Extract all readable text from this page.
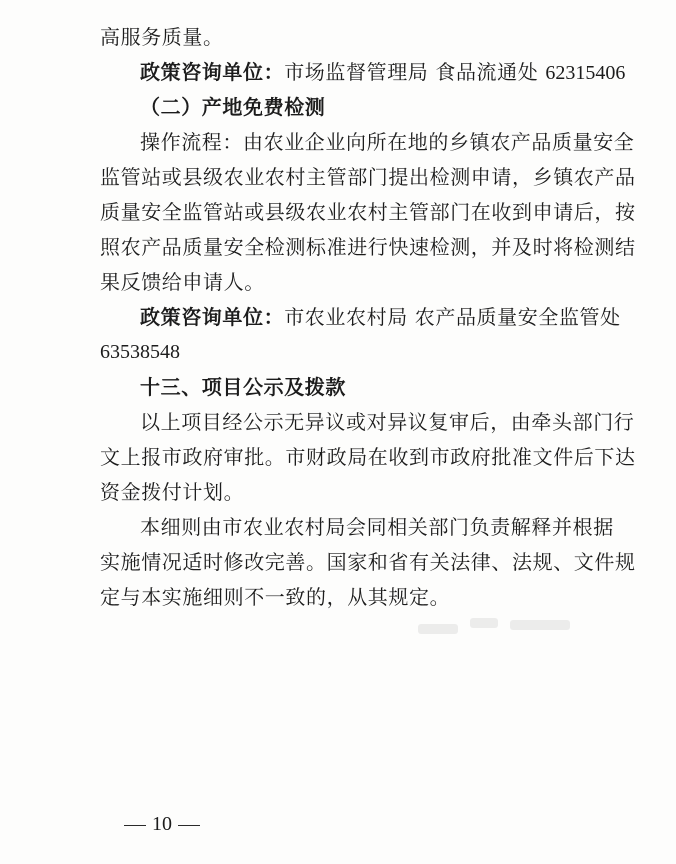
高服务质量。
政策咨询单位：市场监督管理局 食品流通处 62315406
（二）产地免费检测
操作流程：由农业企业向所在地的乡镇农产品质量安全
监管站或县级农业农村主管部门提出检测申请，乡镇农产品
质量安全监管站或县级农业农村主管部门在收到申请后，按
照农产品质量安全检测标准进行快速检测，并及时将检测结
果反馈给申请人。
政策咨询单位：市农业农村局 农产品质量安全监管处
63538548
十三、项目公示及拨款
以上项目经公示无异议或对异议复审后，由牵头部门行
文上报市政府审批。市财政局在收到市政府批准文件后下达
资金拨付计划。
本细则由市农业农村局会同相关部门负责解释并根据
实施情况适时修改完善。国家和省有关法律、法规、文件规
定与本实施细则不一致的，从其规定。
10
